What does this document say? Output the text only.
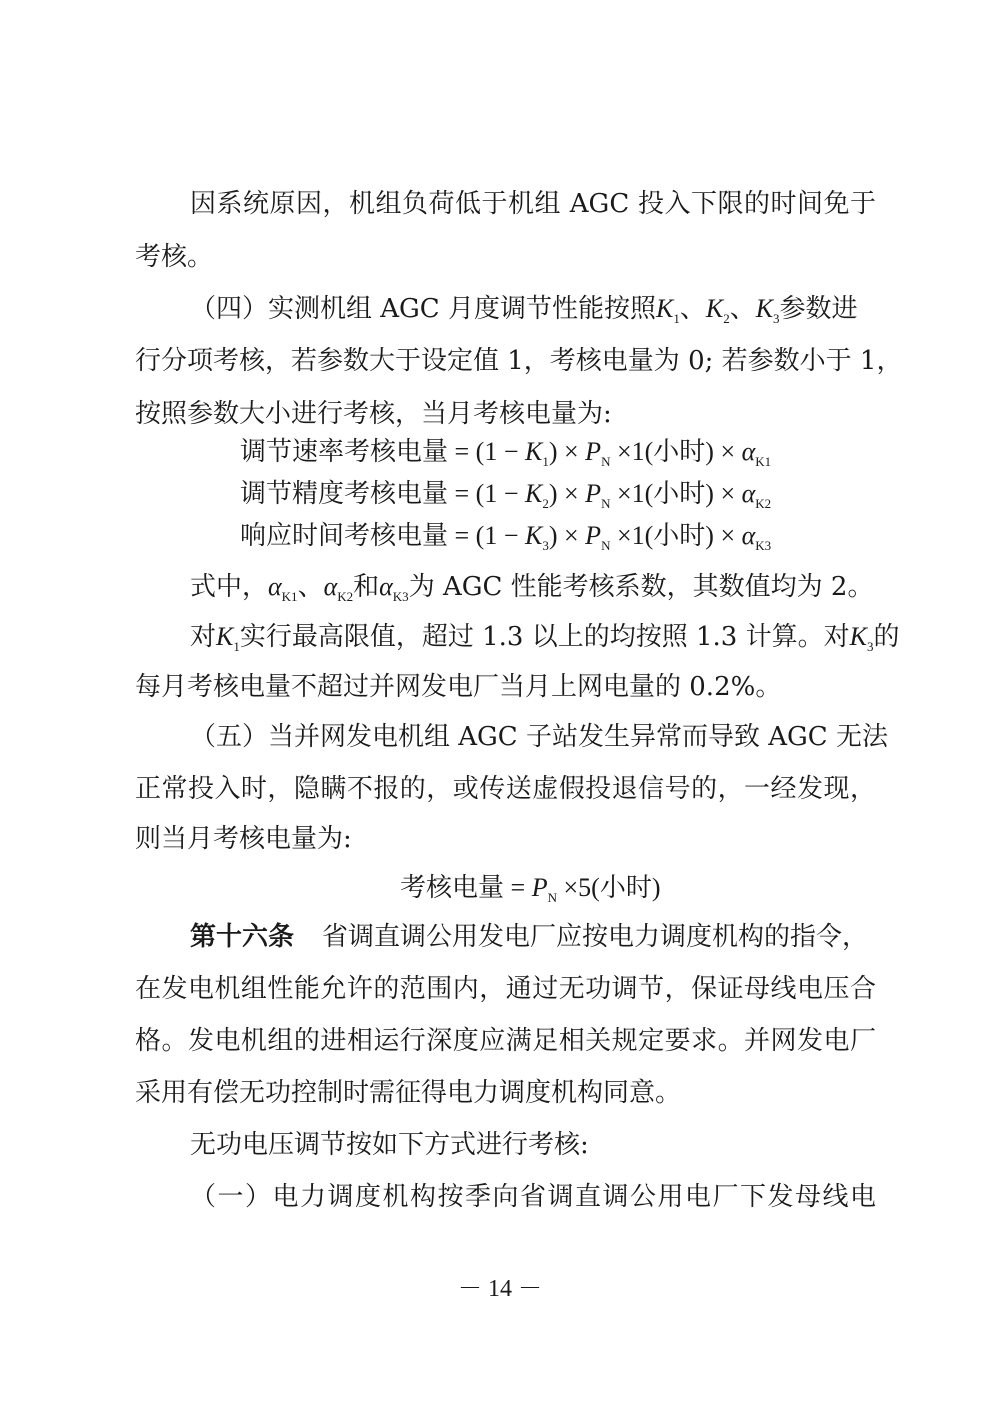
因系统原因，机组负荷低于机组 AGC 投入下限的时间免于
考核。
（四）实测机组 AGC 月度调节性能按照$K_1$、$K_2$、$K_3$参数进
行分项考核，若参数大于设定值 1，考核电量为 0; 若参数小于 1，
按照参数大小进行考核，当月考核电量为:
调节速率考核电量 = $(1 - K_1) \times P_N \times 1$(小时) × $\alpha_{K1}$
调节精度考核电量 = $(1 - K_2) \times P_N \times 1$(小时) × $\alpha_{K2}$
响应时间考核电量 = $(1 - K_3) \times P_N \times 1$(小时) × $\alpha_{K3}$
式中，$\alpha_{K1}$、$\alpha_{K2}$和$\alpha_{K3}$为 AGC 性能考核系数，其数值均为 2。
对$K_1$实行最高限值，超过 1.3 以上的均按照 1.3 计算。对$K_3$的
每月考核电量不超过并网发电厂当月上网电量的 0.2%。
（五）当并网发电机组 AGC 子站发生异常而导致 AGC 无法
正常投入时，隐瞒不报的，或传送虚假投退信号的，一经发现，
则当月考核电量为:
考核电量 = $P_N \times 5$(小时)
第十六条 省调直调公用发电厂应按电力调度机构的指令，
在发电机组性能允许的范围内，通过无功调节，保证母线电压合
格。发电机组的进相运行深度应满足相关规定要求。并网发电厂
采用有偿无功控制时需征得电力调度机构同意。
无功电压调节按如下方式进行考核:
（一）电力调度机构按季向省调直调公用电厂下发母线电
－ 14 －
